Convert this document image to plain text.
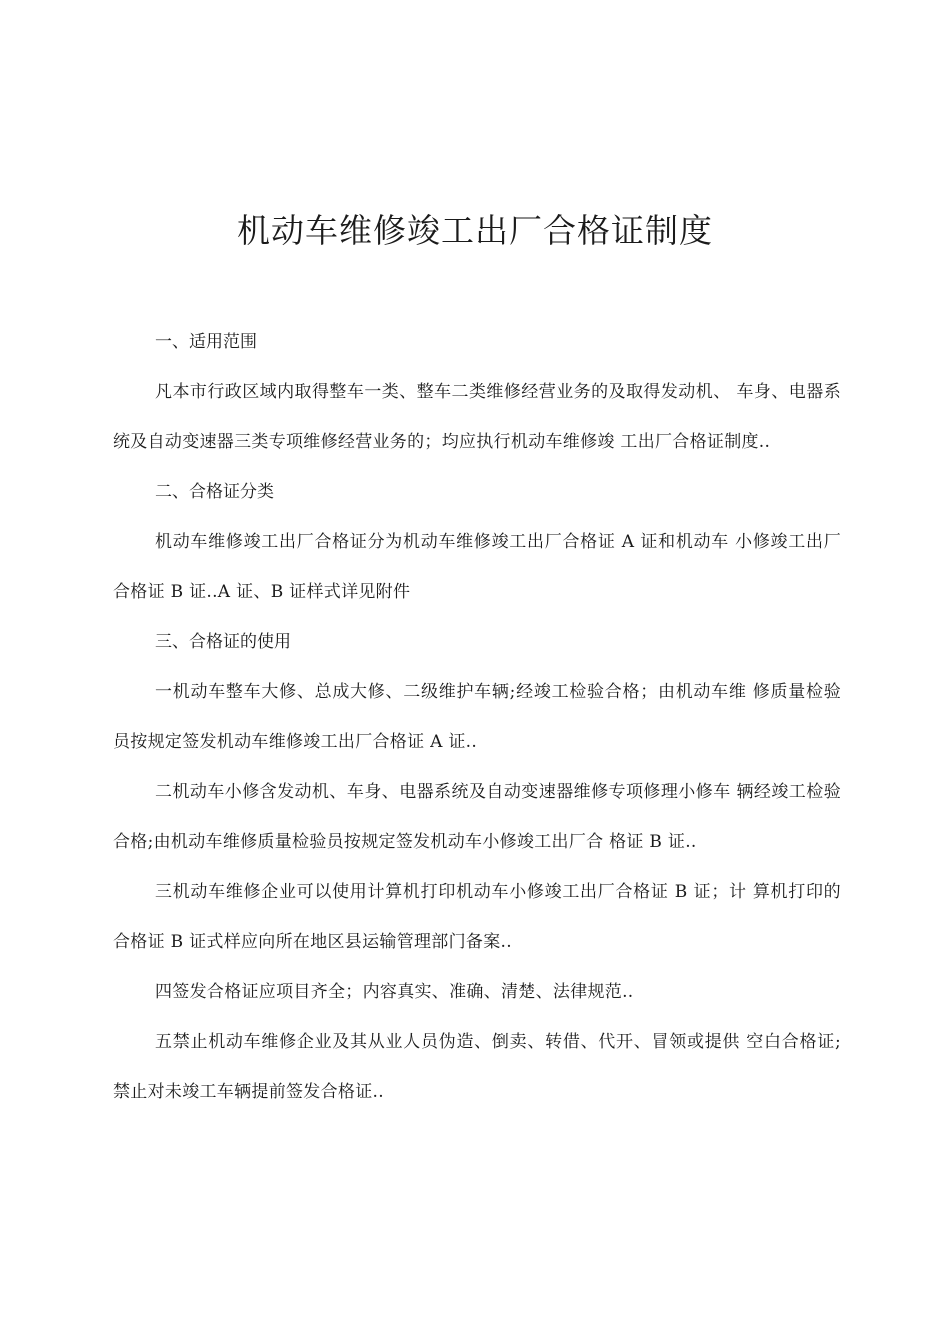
机动车维修竣工出厂合格证制度

一、适用范围

凡本市行政区域内取得整车一类、整车二类维修经营业务的及取得发动机、 车身、电器系统及自动变速器三类专项维修经营业务的；均应执行机动车维修竣 工出厂合格证制度..

二、合格证分类

机动车维修竣工出厂合格证分为机动车维修竣工出厂合格证 A 证和机动车 小修竣工出厂合格证 B 证..A 证、B 证样式详见附件

三、合格证的使用

一机动车整车大修、总成大修、二级维护车辆;经竣工检验合格；由机动车维 修质量检验员按规定签发机动车维修竣工出厂合格证 A 证..

二机动车小修含发动机、车身、电器系统及自动变速器维修专项修理小修车 辆经竣工检验合格;由机动车维修质量检验员按规定签发机动车小修竣工出厂合 格证 B 证..

三机动车维修企业可以使用计算机打印机动车小修竣工出厂合格证 B 证；计 算机打印的合格证 B 证式样应向所在地区县运输管理部门备案..

四签发合格证应项目齐全；内容真实、准确、清楚、法律规范..

五禁止机动车维修企业及其从业人员伪造、倒卖、转借、代开、冒领或提供 空白合格证;禁止对未竣工车辆提前签发合格证..
